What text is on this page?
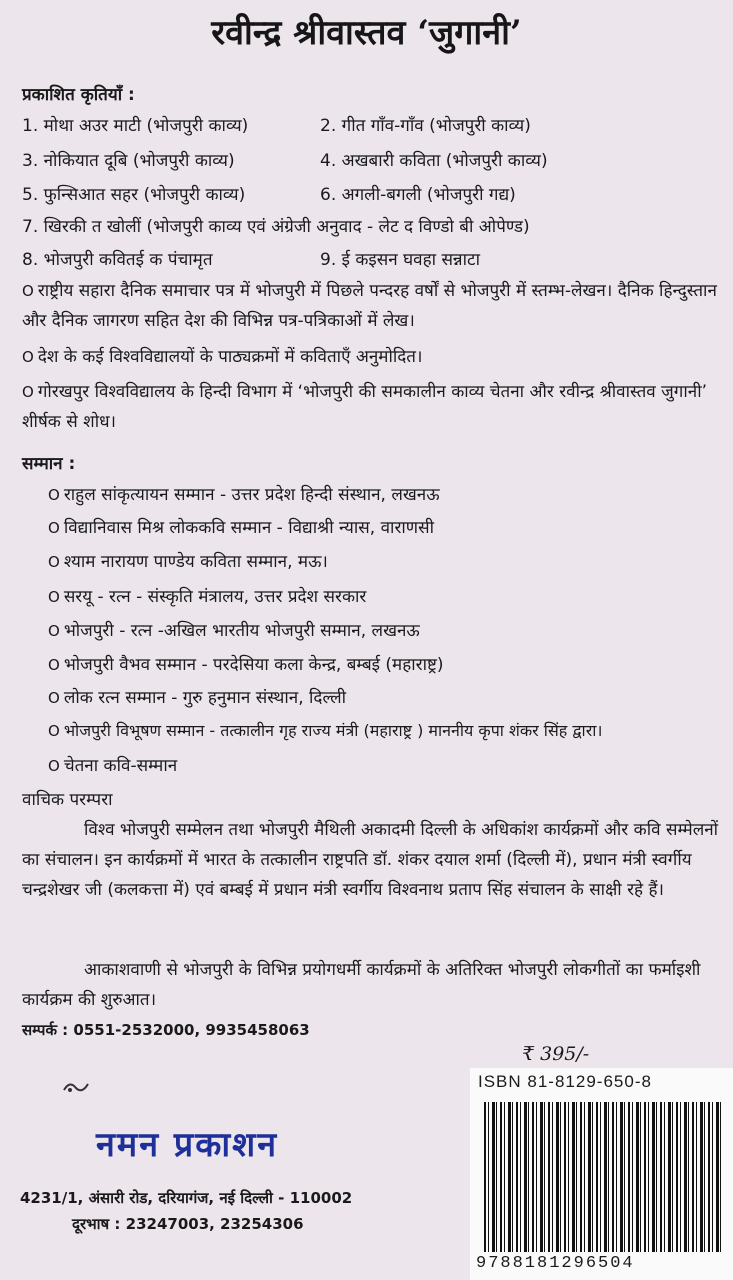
रवीन्द्र श्रीवास्तव ‘जुगानी’
प्रकाशित कृतियाँ :
1. मोथा अउर माटी (भोजपुरी काव्य)	2. गीत गाँव-गाँव (भोजपुरी काव्य)
3. नोकियात दूबि (भोजपुरी काव्य)	4. अखबारी कविता (भोजपुरी काव्य)
5. फुन्सिआत सहर (भोजपुरी काव्य)	6. अगली-बगली (भोजपुरी गद्य)
7. खिरकी त खोलीं (भोजपुरी काव्य एवं अंग्रेजी अनुवाद - लेट द विण्डो बी ओपेण्ड)
8. भोजपुरी कवितई क पंचामृत	9. ई कइसन घवहा सन्नाटा
O राष्ट्रीय सहारा दैनिक समाचार पत्र में भोजपुरी में पिछले पन्दरह वर्षों से भोजपुरी में स्तम्भ-लेखन। दैनिक हिन्दुस्तान और दैनिक जागरण सहित देश की विभिन्न पत्र-पत्रिकाओं में लेख।
O देश के कई विश्वविद्यालयों के पाठ्यक्रमों में कविताएँ अनुमोदित।
O गोरखपुर विश्वविद्यालय के हिन्दी विभाग में ‘भोजपुरी की समकालीन काव्य चेतना और रवीन्द्र श्रीवास्तव जुगानी’ शीर्षक से शोध।
सम्मान :
O राहुल सांकृत्यायन सम्मान - उत्तर प्रदेश हिन्दी संस्थान, लखनऊ
O विद्यानिवास मिश्र लोककवि सम्मान - विद्याश्री न्यास, वाराणसी
O श्याम नारायण पाण्डेय कविता सम्मान, मऊ।
O सरयू - रत्न - संस्कृति मंत्रालय, उत्तर प्रदेश सरकार
O भोजपुरी - रत्न -अखिल भारतीय भोजपुरी सम्मान, लखनऊ
O भोजपुरी वैभव सम्मान - परदेसिया कला केन्द्र, बम्बई (महाराष्ट्र)
O लोक रत्न सम्मान - गुरु हनुमान संस्थान, दिल्ली
O भोजपुरी विभूषण सम्मान - तत्कालीन गृह राज्य मंत्री (महाराष्ट्र ) माननीय कृपा शंकर सिंह द्वारा।
O चेतना कवि-सम्मान
वाचिक परम्परा
विश्व भोजपुरी सम्मेलन तथा भोजपुरी मैथिली अकादमी दिल्ली के अधिकांश कार्यक्रमों और कवि सम्मेलनों का संचालन। इन कार्यक्रमों में भारत के तत्कालीन राष्ट्रपति डॉ. शंकर दयाल शर्मा (दिल्ली में), प्रधान मंत्री स्वर्गीय चन्द्रशेखर जी (कलकत्ता में) एवं बम्बई में प्रधान मंत्री स्वर्गीय विश्वनाथ प्रताप सिंह संचालन के साक्षी रहे हैं।
आकाशवाणी से भोजपुरी के विभिन्न प्रयोगधर्मी कार्यक्रमों के अतिरिक्त भोजपुरी लोकगीतों का फर्माइशी कार्यक्रम की शुरुआत।
सम्पर्क : 0551-2532000, 9935458063
₹ 395/-
नमन प्रकाशन
4231/1, अंसारी रोड, दरियागंज, नई दिल्ली - 110002
दूरभाष : 23247003, 23254306
ISBN 81-8129-650-8
9788181296504
